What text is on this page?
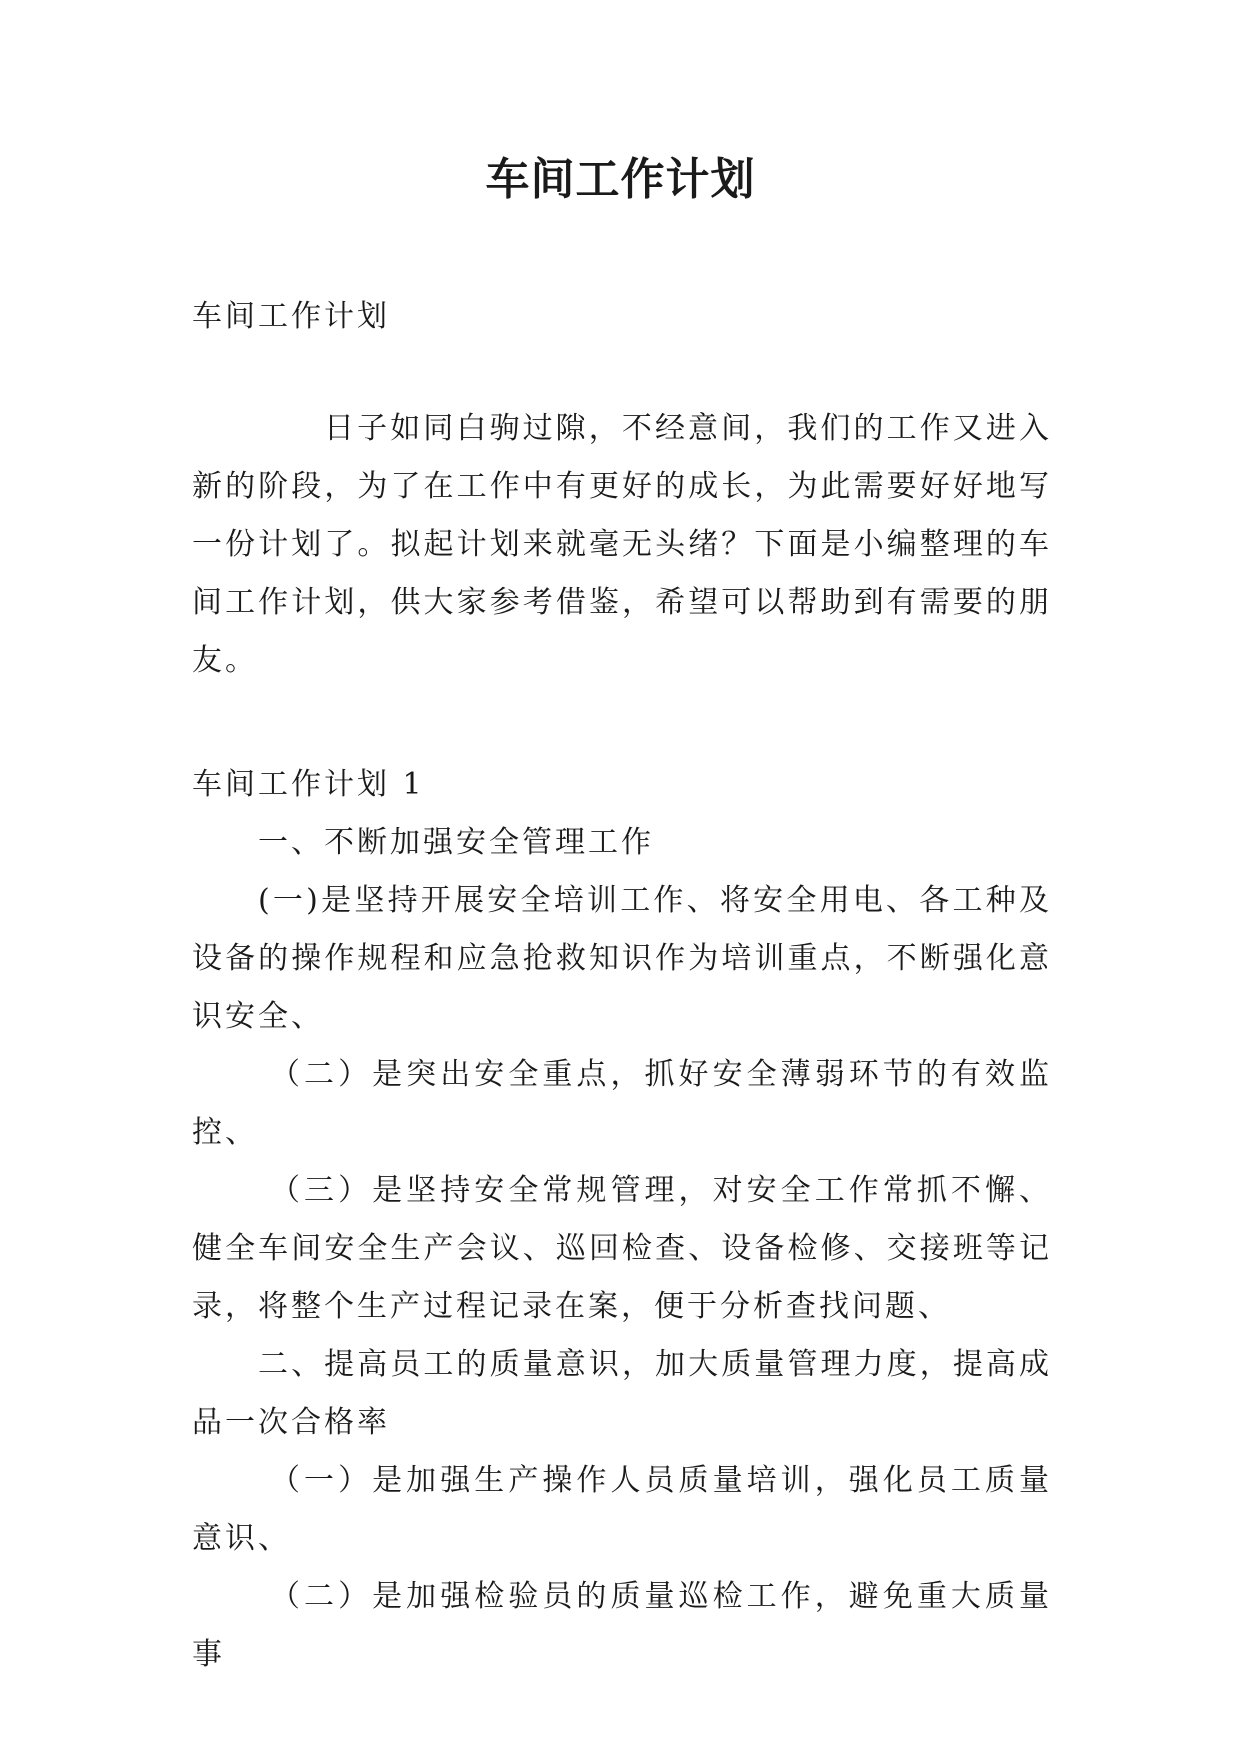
车间工作计划
车间工作计划
日子如同白驹过隙，不经意间，我们的工作又进入新的阶段，为了在工作中有更好的成长，为此需要好好地写一份计划了。拟起计划来就毫无头绪？下面是小编整理的车间工作计划，供大家参考借鉴，希望可以帮助到有需要的朋友。
车间工作计划 1

一、不断加强安全管理工作

(一)是坚持开展安全培训工作、将安全用电、各工种及设备的操作规程和应急抢救知识作为培训重点，不断强化意识安全、

（二）是突出安全重点，抓好安全薄弱环节的有效监控、

（三）是坚持安全常规管理，对安全工作常抓不懈、健全车间安全生产会议、巡回检查、设备检修、交接班等记录，将整个生产过程记录在案，便于分析查找问题、

二、提高员工的质量意识，加大质量管理力度，提高成品一次合格率

（一）是加强生产操作人员质量培训，强化员工质量意识、

（二）是加强检验员的质量巡检工作，避免重大质量事
